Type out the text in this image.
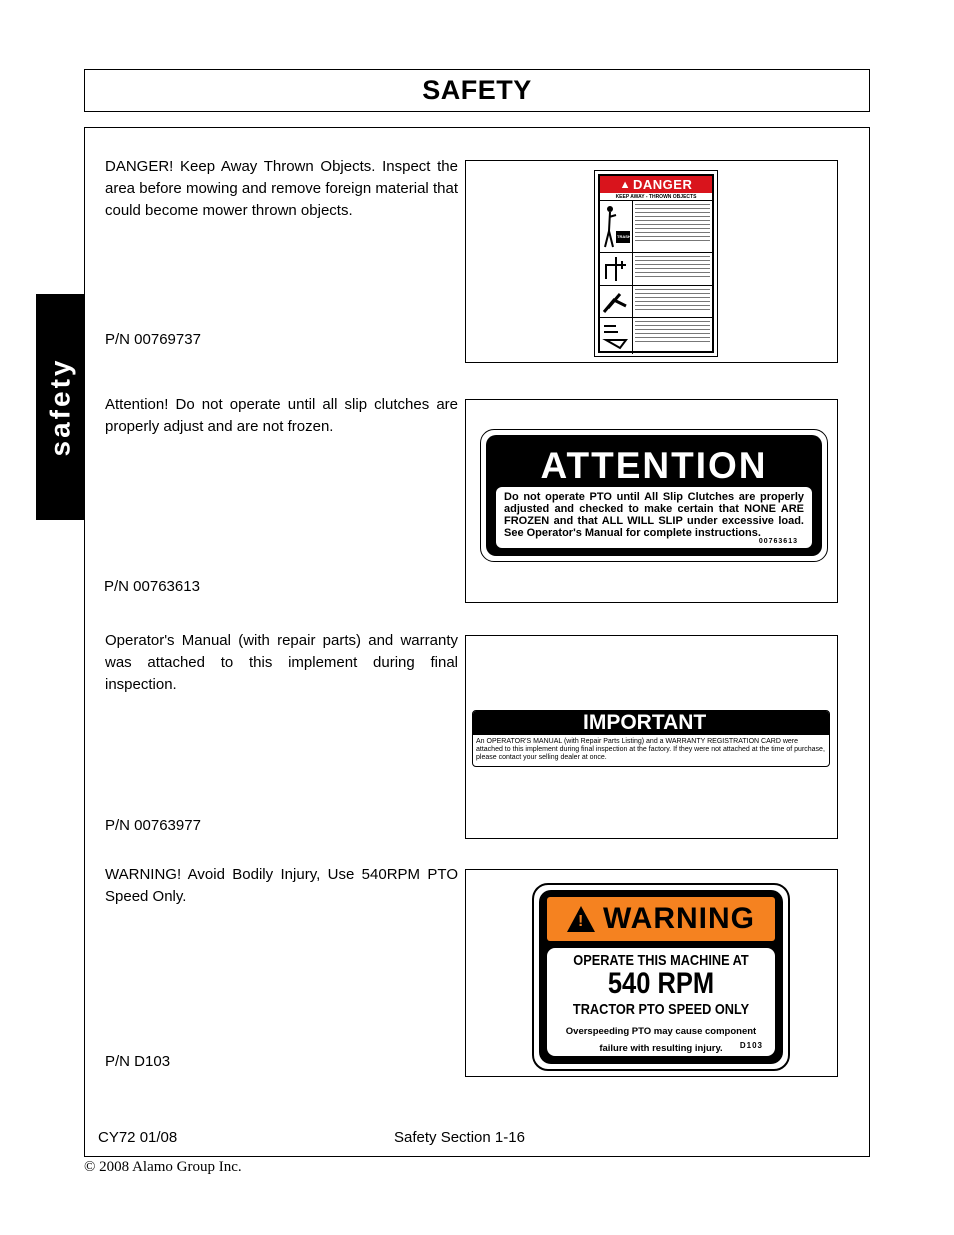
SAFETY
safety
DANGER! Keep Away Thrown Objects. Inspect the area before mowing and remove foreign material that could become mower thrown objects.
P/N 00769737
▲ DANGER
KEEP AWAY - THROWN OBJECTS
TRASH
Attention! Do not operate until all slip clutches are properly adjust and are not frozen.
P/N 00763613
ATTENTION
Do not operate PTO until All Slip Clutches are properly adjusted and checked to make certain that NONE ARE FROZEN and that ALL WILL SLIP under excessive load. See Operator's Manual for complete instructions.
00763613
Operator's Manual (with repair parts) and warranty was attached to this implement during final inspection.
P/N 00763977
IMPORTANT
An OPERATOR'S MANUAL (with Repair Parts Listing) and a WARRANTY REGISTRATION CARD were attached to this implement during final inspection at the factory. If they were not attached at the time of purchase, please contact your selling dealer at once.
WARNING! Avoid Bodily Injury, Use 540RPM PTO Speed Only.
P/N D103
! WARNING
OPERATE THIS MACHINE AT
540 RPM
TRACTOR PTO SPEED ONLY
Overspeeding PTO may cause component
failure with resulting injury.	D103
CY72 01/08	Safety Section 1-16
© 2008 Alamo Group Inc.
